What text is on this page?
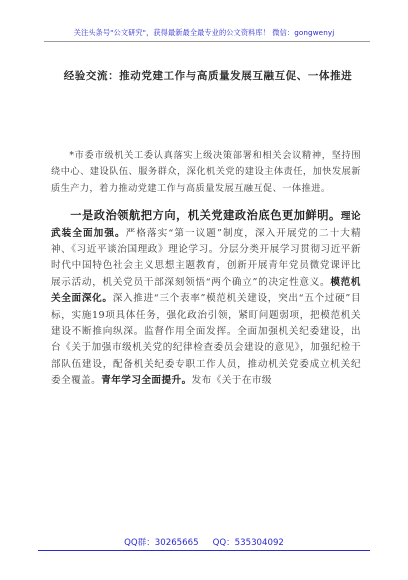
关注头条号"公文研究"，获得最新最全最专业的公文资料库！ 微信：gongwenyj
经验交流：推动党建工作与高质量发展互融互促、一体推进

*市委市级机关工委认真落实上级决策部署和相关会议精神，坚持围绕中心、建设队伍、服务群众，深化机关党的建设主体责任，加快发展新质生产力，着力推动党建工作与高质量发展互融互促、一体推进。

一是政治领航把方向，机关党建政治底色更加鲜明。理论武装全面加强。严格落实“第一议题”制度，深入开展党的二十大精神、《习近平谈治国理政》理论学习。分层分类开展学习贯彻习近平新时代中国特色社会主义思想主题教育，创新开展青年党员微党课评比展示活动，机关党员干部深刻领悟“两个确立”的决定性意义。模范机关全面深化。深入推进“三个表率”模范机关建设，突出“五个过硬”目标，实施19项具体任务，强化政治引领，紧盯问题弱项，把模范机关建设不断推向纵深。监督作用全面发挥。全面加强机关纪委建设，出台《关于加强市级机关党的纪律检查委员会建设的意见》，加强纪检干部队伍建设，配备机关纪委专职工作人员，推动机关党委成立机关纪委全覆盖。青年学习全面提升。发布《关于在市级

QQ群：30265665 QQ：535304092
